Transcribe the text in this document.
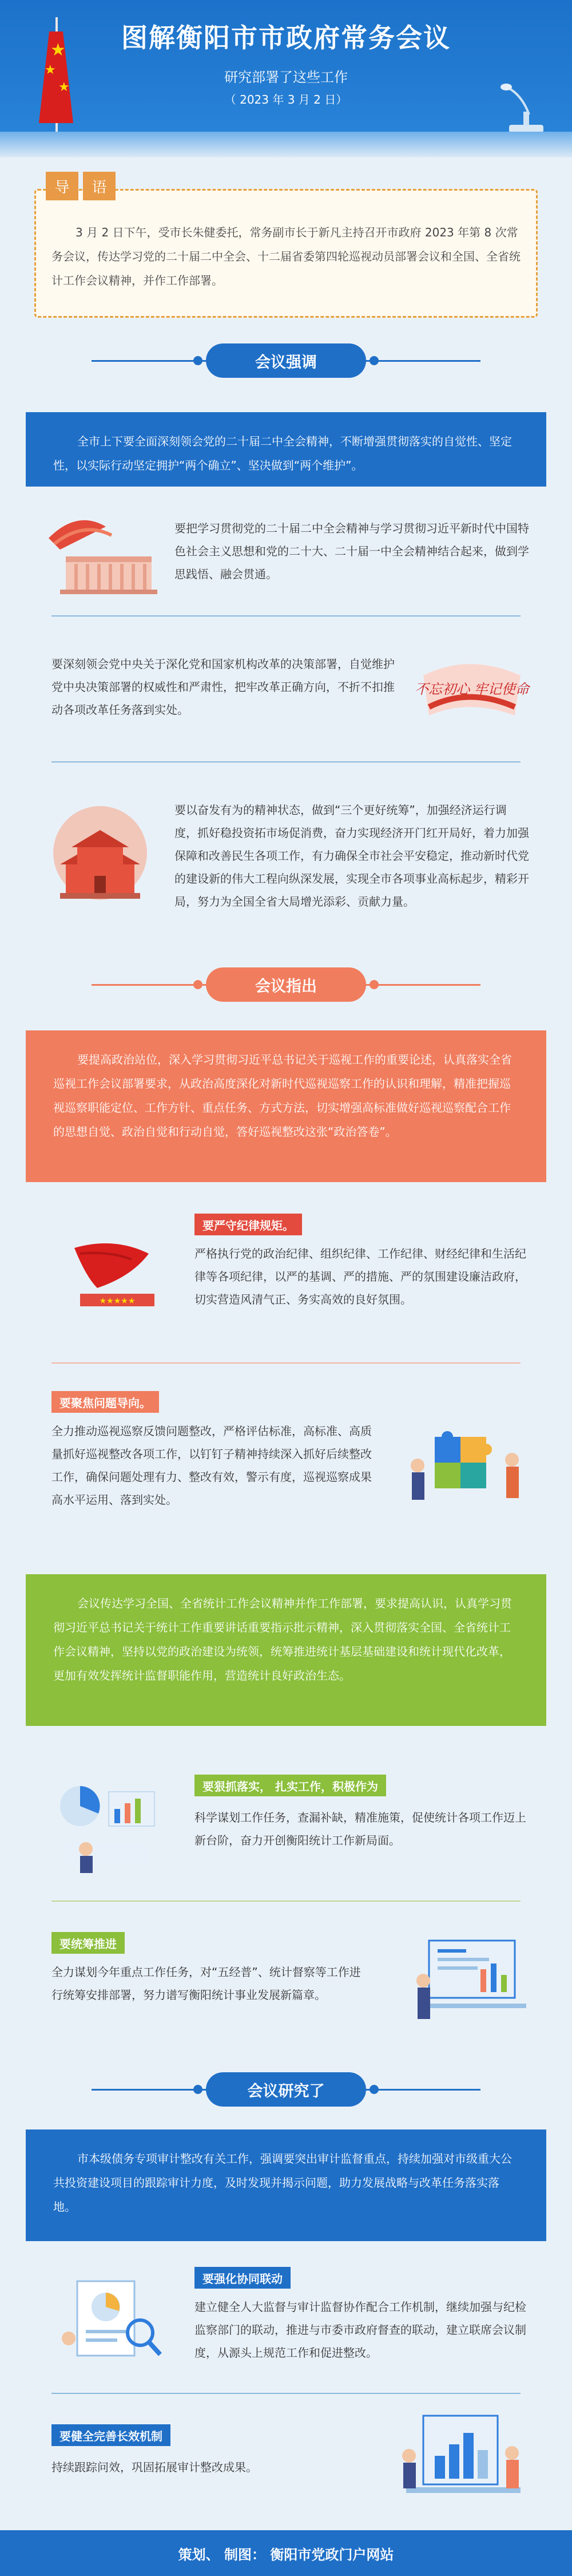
★
★
★
图解衡阳市市政府常务会议
研究部署了这些工作
（ 2023 年 3 月 2 日）
导	语
3 月 2 日下午，受市长朱健委托，常务副市长于新凡主持召开市政府 2023 年第 8 次常务会议，传达学习党的二十届二中全会、十二届省委第四轮巡视动员部署会议和全国、全省统计工作会议精神，并作工作部署。
会议强调
全市上下要全面深刻领会党的二十届二中全会精神，不断增强贯彻落实的自觉性、坚定性，以实际行动坚定拥护“两个确立”、坚决做到“两个维护”。
要把学习贯彻党的二十届二中全会精神与学习贯彻习近平新时代中国特色社会主义思想和党的二十大、二十届一中全会精神结合起来，做到学思践悟、融会贯通。
要深刻领会党中央关于深化党和国家机构改革的决策部署，自觉维护党中央决策部署的权威性和严肃性，把牢改革正确方向，不折不扣推动各项改革任务落到实处。
不忘初心 牢记使命
要以奋发有为的精神状态，做到“三个更好统筹”，加强经济运行调度，抓好稳投资拓市场促消费，奋力实现经济开门红开局好，着力加强保障和改善民生各项工作，有力确保全市社会平安稳定，推动新时代党的建设新的伟大工程向纵深发展，实现全市各项事业高标起步，精彩开局，努力为全国全省大局增光添彩、贡献力量。
会议指出
要提高政治站位，深入学习贯彻习近平总书记关于巡视工作的重要论述，认真落实全省巡视工作会议部署要求，从政治高度深化对新时代巡视巡察工作的认识和理解，精准把握巡视巡察职能定位、工作方针、重点任务、方式方法，切实增强高标准做好巡视巡察配合工作的思想自觉、政治自觉和行动自觉，答好巡视整改这张“政治答卷”。
要严守纪律规矩。
★★★★★
严格执行党的政治纪律、组织纪律、工作纪律、财经纪律和生活纪律等各项纪律，以严的基调、严的措施、严的氛围建设廉洁政府，切实营造风清气正、务实高效的良好氛围。
要聚焦问题导向。
全力推动巡视巡察反馈问题整改，严格评估标准，高标准、高质量抓好巡视整改各项工作，以钉钉子精神持续深入抓好后续整改工作，确保问题处理有力、整改有效，警示有度，巡视巡察成果高水平运用、落到实处。
会议传达学习全国、全省统计工作会议精神并作工作部署，要求提高认识，认真学习贯彻习近平总书记关于统计工作重要讲话重要指示批示精神，深入贯彻落实全国、全省统计工作会议精神，坚持以党的政治建设为统领，统筹推进统计基层基础建设和统计现代化改革，更加有效发挥统计监督职能作用，营造统计良好政治生态。
要狠抓落实， 扎实工作，积极作为
科学谋划工作任务，查漏补缺，精准施策，促使统计各项工作迈上新台阶，奋力开创衡阳统计工作新局面。
要统筹推进
全力谋划今年重点工作任务，对“五经普”、统计督察等工作进行统筹安排部署，努力谱写衡阳统计事业发展新篇章。
会议研究了
市本级债务专项审计整改有关工作，强调要突出审计监督重点，持续加强对市级重大公共投资建设项目的跟踪审计力度，及时发现并揭示问题，助力发展战略与改革任务落实落地。
要强化协同联动
建立健全人大监督与审计监督协作配合工作机制，继续加强与纪检监察部门的联动，推进与市委市政府督查的联动，建立联席会议制度，从源头上规范工作和促进整改。
要健全完善长效机制
持续跟踪问效，巩固拓展审计整改成果。
策划、 制图： 衡阳市党政门户网站
